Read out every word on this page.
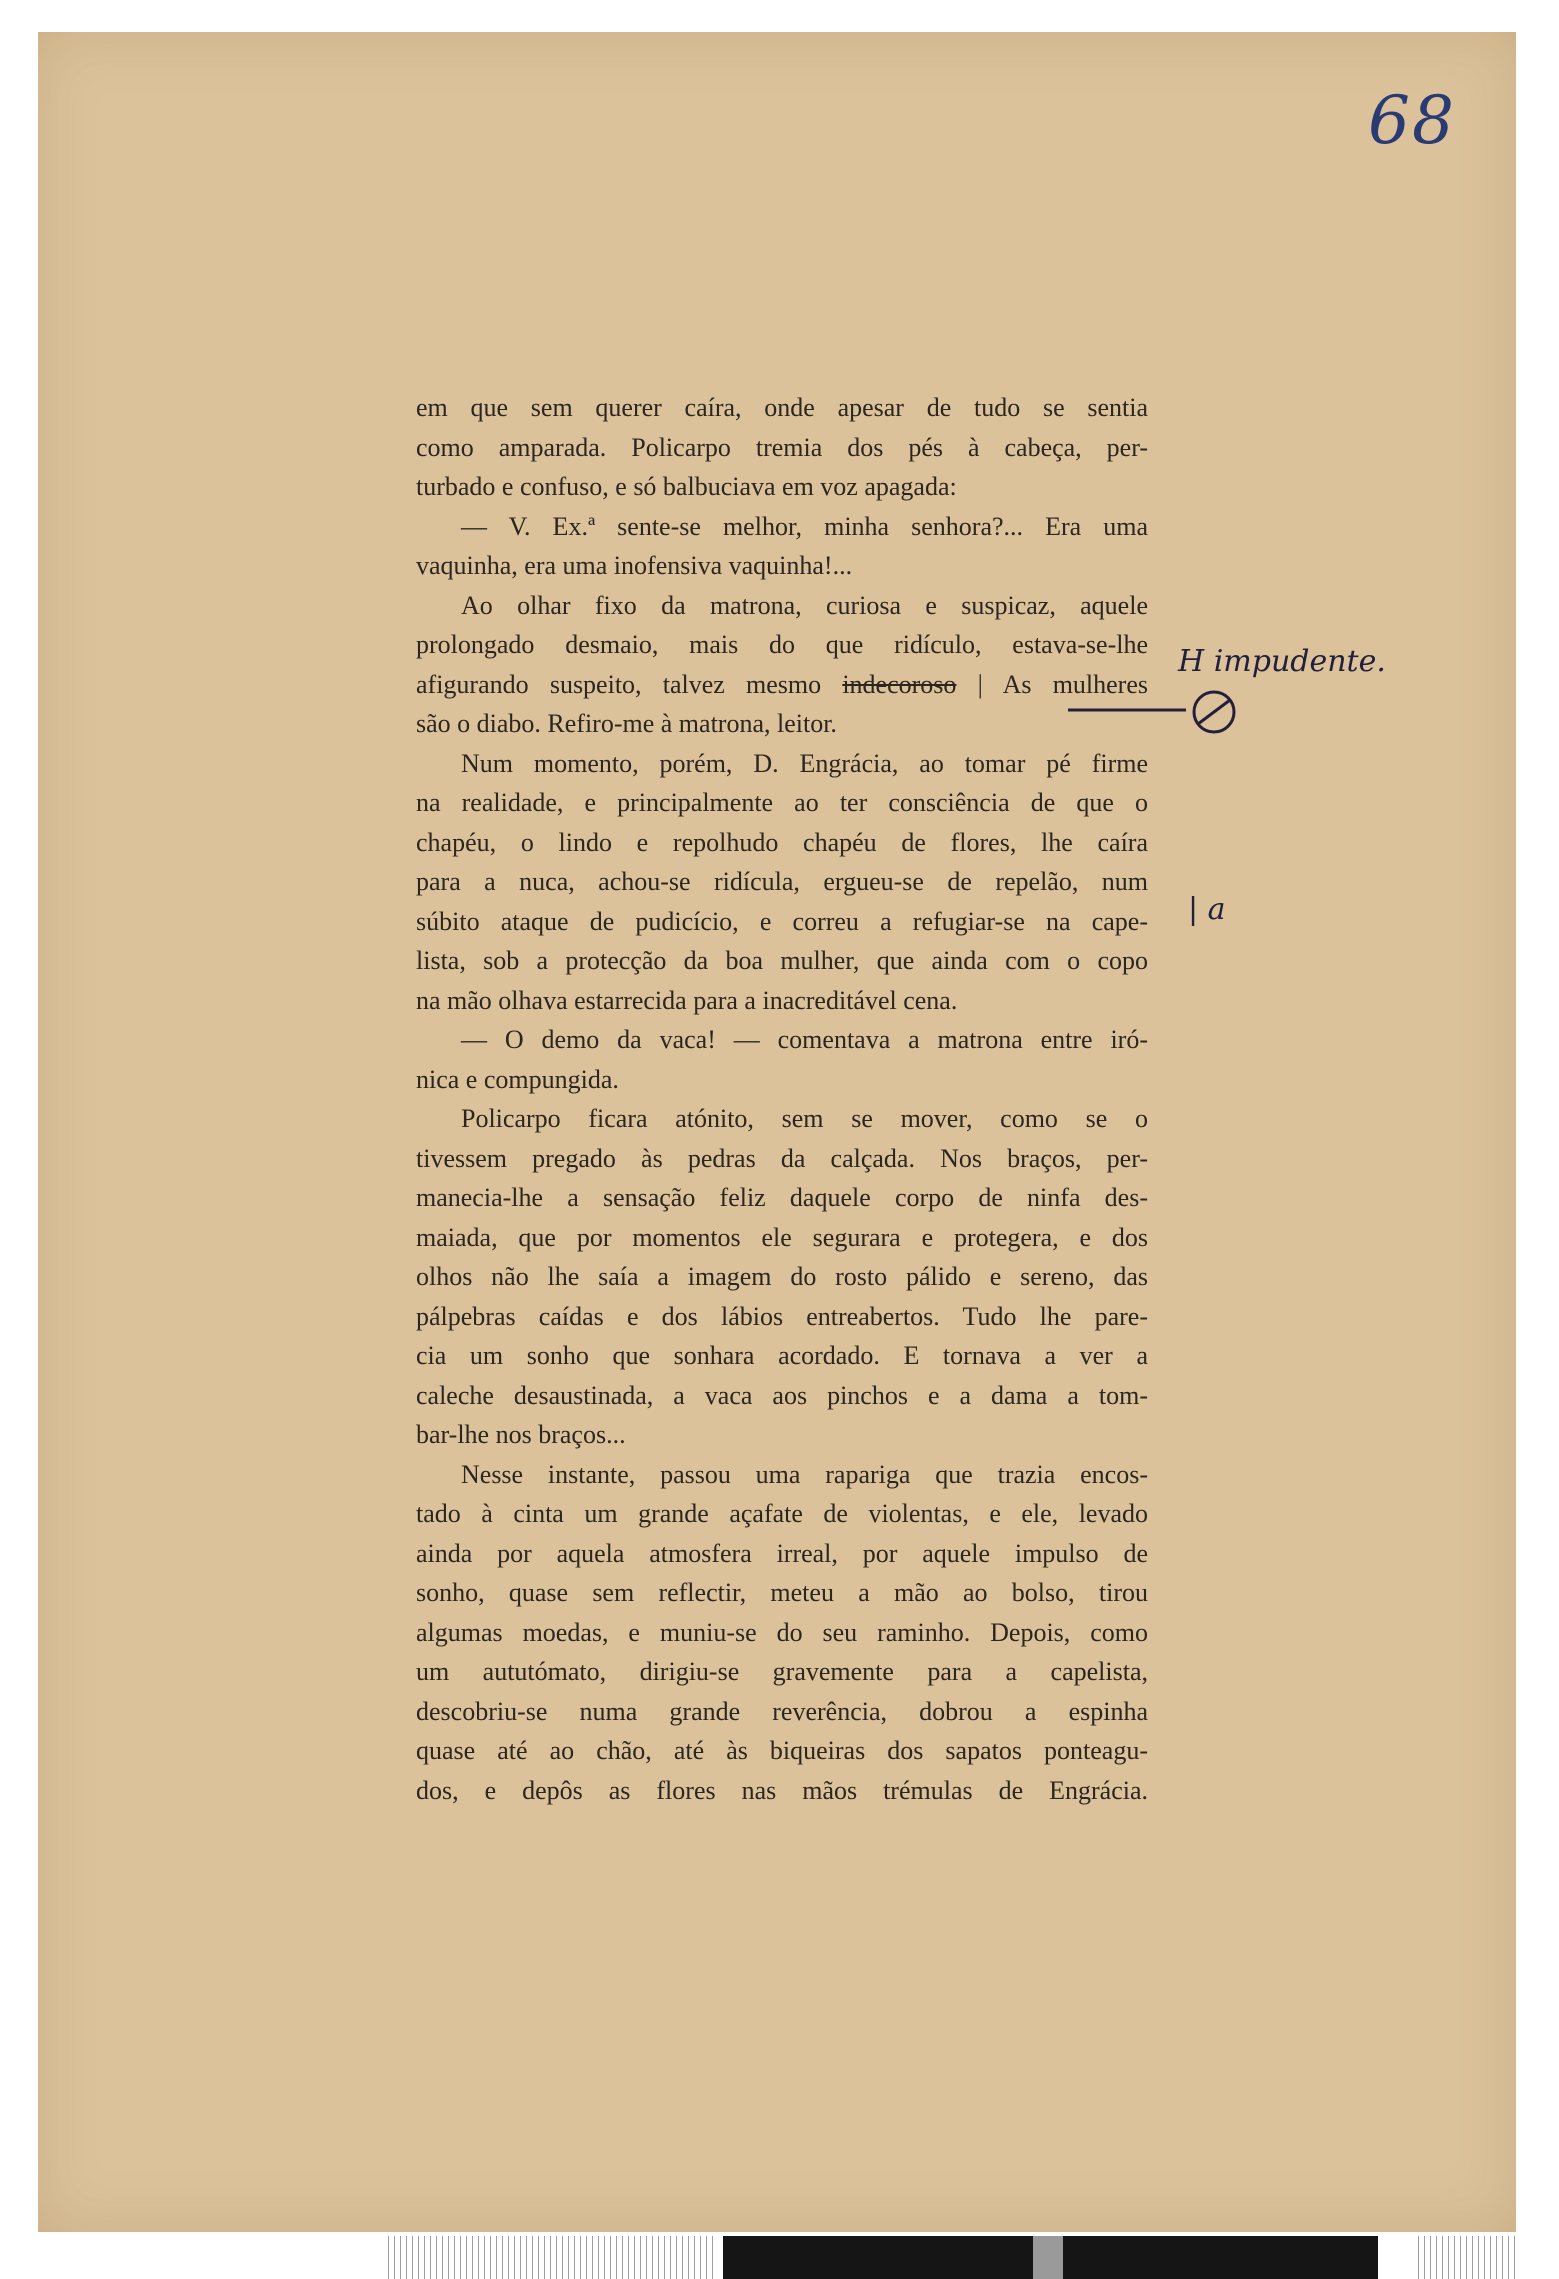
68
em que sem querer caíra, onde apesar de tudo se sentia
como amparada. Policarpo tremia dos pés à cabeça, per-
turbado e confuso, e só balbuciava em voz apagada:
— V. Ex.ª sente-se melhor, minha senhora?... Era uma
vaquinha, era uma inofensiva vaquinha!...
Ao olhar fixo da matrona, curiosa e suspicaz, aquele
prolongado desmaio, mais do que ridículo, estava-se-lhe
afigurando suspeito, talvez mesmo indecoroso | As mulheres
são o diabo. Refiro-me à matrona, leitor.
Num momento, porém, D. Engrácia, ao tomar pé firme
na realidade, e principalmente ao ter consciência de que o
chapéu, o lindo e repolhudo chapéu de flores, lhe caíra
para a nuca, achou-se ridícula, ergueu-se de repelão, num
súbito ataque de pudicício, e correu a refugiar-se na cape-
lista, sob a protecção da boa mulher, que ainda com o copo
na mão olhava estarrecida para a inacreditável cena.
— O demo da vaca! — comentava a matrona entre iró-
nica e compungida.
Policarpo ficara atónito, sem se mover, como se o
tivessem pregado às pedras da calçada. Nos braços, per-
manecia-lhe a sensação feliz daquele corpo de ninfa des-
maiada, que por momentos ele segurara e protegera, e dos
olhos não lhe saía a imagem do rosto pálido e sereno, das
pálpebras caídas e dos lábios entreabertos. Tudo lhe pare-
cia um sonho que sonhara acordado. E tornava a ver a
caleche desaustinada, a vaca aos pinchos e a dama a tom-
bar-lhe nos braços...
Nesse instante, passou uma rapariga que trazia encos-
tado à cinta um grande açafate de violentas, e ele, levado
ainda por aquela atmosfera irreal, por aquele impulso de
sonho, quase sem reflectir, meteu a mão ao bolso, tirou
algumas moedas, e muniu-se do seu raminho. Depois, como
um aututómato, dirigiu-se gravemente para a capelista,
descobriu-se numa grande reverência, dobrou a espinha
quase até ao chão, até às biqueiras dos sapatos ponteagu-
dos, e depôs as flores nas mãos trémulas de Engrácia.
H impudente.
| a
